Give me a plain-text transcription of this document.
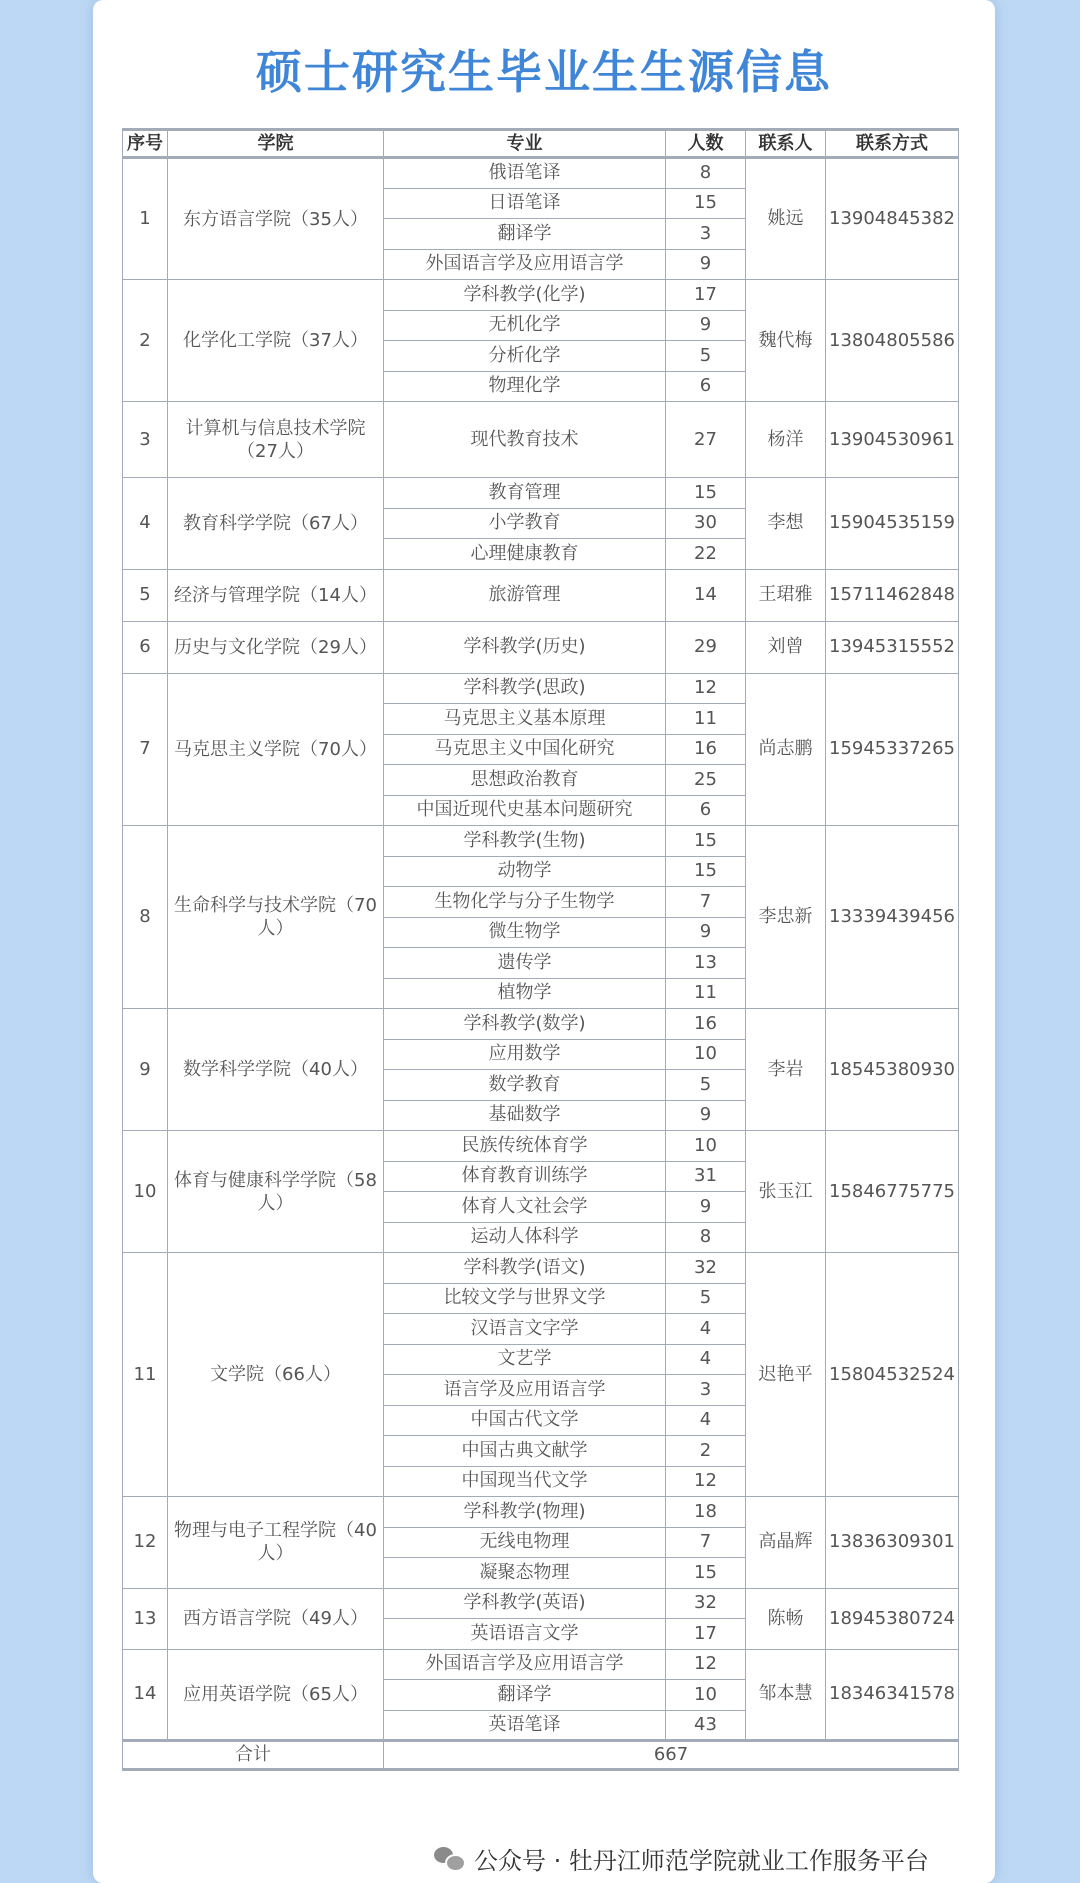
硕士研究生毕业生生源信息
序号	学院	专业	人数	联系人	联系方式
1	东方语言学院（35人）	俄语笔译	8	姚远	13904845382
		日语笔译	15		
		翻译学	3		
		外国语言学及应用语言学	9		
2	化学化工学院（37人）	学科教学(化学)	17	魏代梅	13804805586
		无机化学	9		
		分析化学	5		
		物理化学	6		
3	计算机与信息技术学院（27人）	现代教育技术	27	杨洋	13904530961
4	教育科学学院（67人）	教育管理	15	李想	15904535159
		小学教育	30		
		心理健康教育	22		
5	经济与管理学院（14人）	旅游管理	14	王珺雅	15711462848
6	历史与文化学院（29人）	学科教学(历史)	29	刘曾	13945315552
7	马克思主义学院（70人）	学科教学(思政)	12	尚志鹏	15945337265
		马克思主义基本原理	11		
		马克思主义中国化研究	16		
		思想政治教育	25		
		中国近现代史基本问题研究	6		
8	生命科学与技术学院（70人）	学科教学(生物)	15	李忠新	13339439456
		动物学	15		
		生物化学与分子生物学	7		
		微生物学	9		
		遗传学	13		
		植物学	11		
9	数学科学学院（40人）	学科教学(数学)	16	李岩	18545380930
		应用数学	10		
		数学教育	5		
		基础数学	9		
10	体育与健康科学学院（58人）	民族传统体育学	10	张玉江	15846775775
		体育教育训练学	31		
		体育人文社会学	9		
		运动人体科学	8		
11	文学院（66人）	学科教学(语文)	32	迟艳平	15804532524
		比较文学与世界文学	5		
		汉语言文字学	4		
		文艺学	4		
		语言学及应用语言学	3		
		中国古代文学	4		
		中国古典文献学	2		
		中国现当代文学	12		
12	物理与电子工程学院（40人）	学科教学(物理)	18	高晶辉	13836309301
		无线电物理	7		
		凝聚态物理	15		
13	西方语言学院（49人）	学科教学(英语)	32	陈畅	18945380724
		英语语言文学	17		
14	应用英语学院（65人）	外国语言学及应用语言学	12	邹本慧	18346341578
		翻译学	10		
		英语笔译	43		
合计		667			
公众号 · 牡丹江师范学院就业工作服务平台
